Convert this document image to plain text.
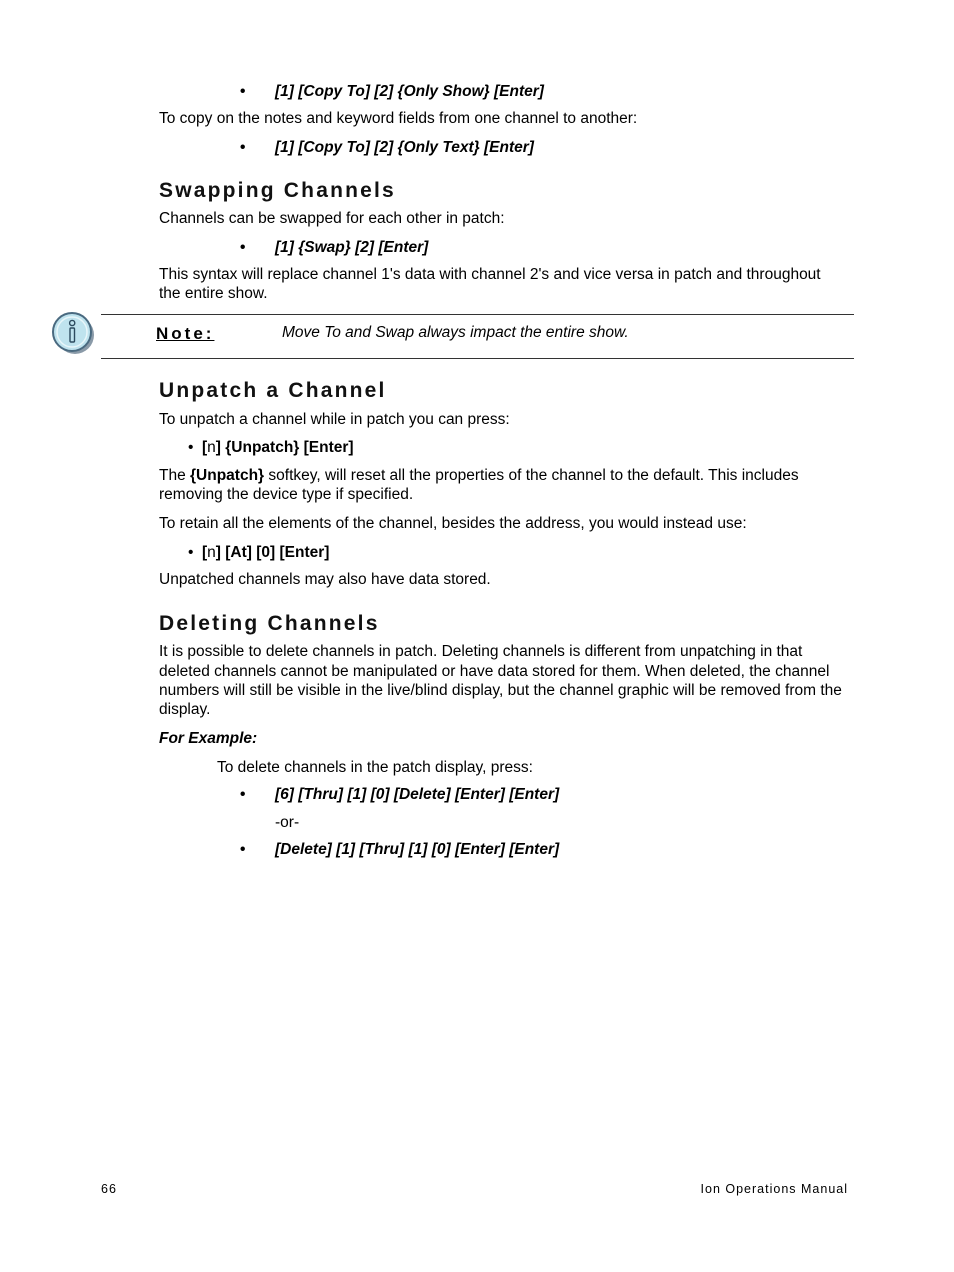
• [1] [Copy To] [2] {Only Show} [Enter]
To copy on the notes and keyword fields from one channel to another:
• [1] [Copy To] [2] {Only Text} [Enter]
Swapping Channels
Channels can be swapped for each other in patch:
• [1] {Swap} [2] [Enter]
This syntax will replace channel 1's data with channel 2's and vice versa in patch and throughout
the entire show.
Note:	Move To and Swap always impact the entire show.
Unpatch a Channel
To unpatch a channel while in patch you can press:
• [n] {Unpatch} [Enter]
The {Unpatch} softkey, will reset all the properties of the channel to the default. This includes
removing the device type if specified.
To retain all the elements of the channel, besides the address, you would instead use:
• [n] [At] [0] [Enter]
Unpatched channels may also have data stored.
Deleting Channels
It is possible to delete channels in patch. Deleting channels is different from unpatching in that
deleted channels cannot be manipulated or have data stored for them. When deleted, the channel
numbers will still be visible in the live/blind display, but the channel graphic will be removed from the
display.
For Example:
To delete channels in the patch display, press:
• [6] [Thru] [1] [0] [Delete] [Enter] [Enter]
-or-
• [Delete] [1] [Thru] [1] [0] [Enter] [Enter]
66	Ion Operations Manual
